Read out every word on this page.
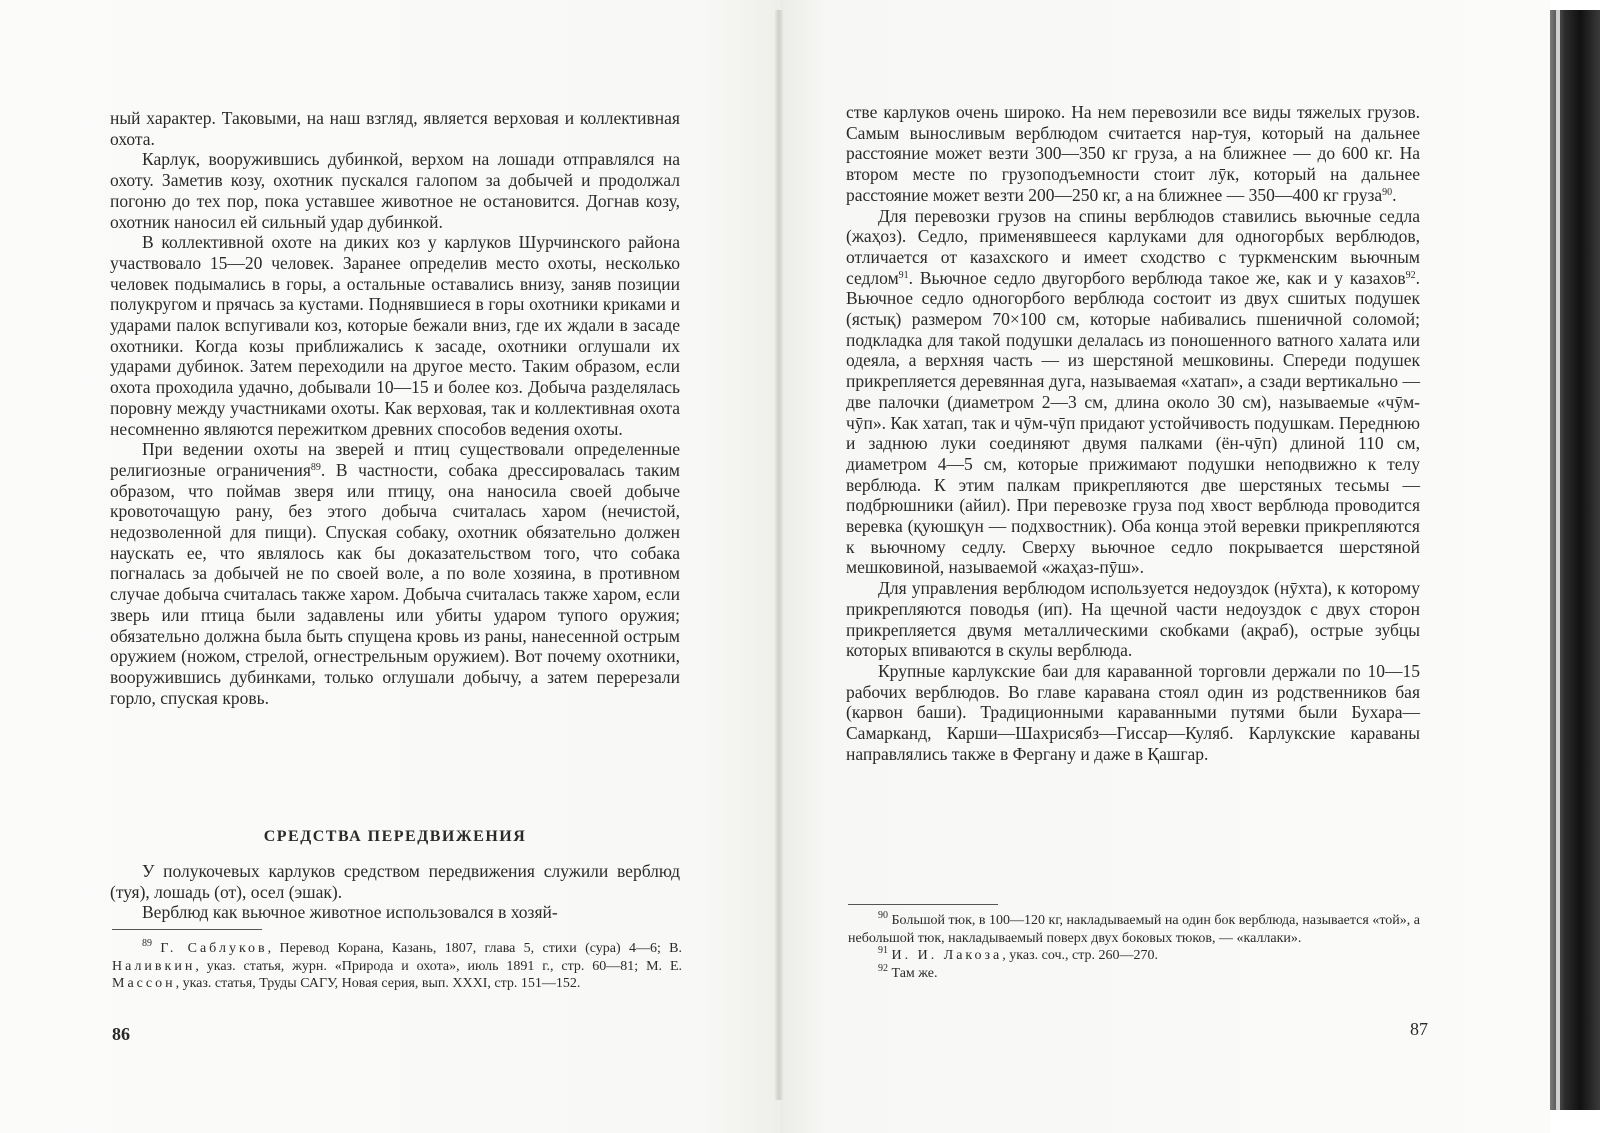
ный характер. Таковыми, на наш взгляд, является верховая и коллективная охота.

Карлук, вооружившись дубинкой, верхом на лошади отправлялся на охоту. Заметив козу, охотник пускался галопом за добычей и продолжал погоню до тех пор, пока уставшее животное не остановится. Догнав козу, охотник наносил ей сильный удар дубинкой.

В коллективной охоте на диких коз у карлуков Шурчинского района участвовало 15—20 человек. Заранее определив место охоты, несколько человек подымались в горы, а остальные оставались внизу, заняв позиции полукругом и прячась за кустами. Поднявшиеся в горы охотники криками и ударами палок вспугивали коз, которые бежали вниз, где их ждали в засаде охотники. Когда козы приближались к засаде, охотники оглушали их ударами дубинок. Затем переходили на другое место. Таким образом, если охота проходила удачно, добывали 10—15 и более коз. Добыча разделялась поровну между участниками охоты. Как верховая, так и коллективная охота несомненно являются пережитком древних способов ведения охоты.

При ведении охоты на зверей и птиц существовали определенные религиозные ограничения$^{89}$. В частности, собака дрессировалась таким образом, что поймав зверя или птицу, она наносила своей добыче кровоточащую рану, без этого добыча считалась харом (нечистой, недозволенной для пищи). Спуская собаку, охотник обязательно должен наускать ее, что являлось как бы доказательством того, что собака погналась за добычей не по своей воле, а по воле хозяина, в противном случае добыча считалась также харом. Добыча считалась также харом, если зверь или птица были задавлены или убиты ударом тупого оружия; обязательно должна была быть спущена кровь из раны, нанесенной острым оружием (ножом, стрелой, огнестрельным оружием). Вот почему охотники, вооружившись дубинками, только оглушали добычу, а затем перерезали горло, спуская кровь.

СРЕДСТВА ПЕРЕДВИЖЕНИЯ

У полукочевых карлуков средством передвижения служили верблюд (туя), лошадь (от), осел (эшак).

Верблюд как вьючное животное использовался в хозяй-

$^{89}$ Г. Саблуков, Перевод Корана, Казань, 1807, глава 5, стихи (сура) 4—6; В. Наливкин, указ. статья, журн. «Природа и охота», июль 1891 г., стр. 60—81; М. Е. Массон, указ. статья, Труды САГУ, Новая серия, вып. XXXI, стр. 151—152.

86

стве карлуков очень широко. На нем перевозили все виды тяжелых грузов. Самым выносливым верблюдом считается нар-туя, который на дальнее расстояние может везти 300—350 кг груза, а на ближнее — до 600 кг. На втором месте по грузоподъемности стоит лӯк, который на дальнее расстояние может везти 200—250 кг, а на ближнее — 350—400 кг груза$^{90}$.

Для перевозки грузов на спины верблюдов ставились вьючные седла (жаҳоз). Седло, применявшееся карлуками для одногорбых верблюдов, отличается от казахского и имеет сходство с туркменским вьючным седлом$^{91}$. Вьючное седло двугорбого верблюда такое же, как и у казахов$^{92}$. Вьючное седло одногорбого верблюда состоит из двух сшитых подушек (ястық) размером 70×100 см, которые набивались пшеничной соломой; подкладка для такой подушки делалась из поношенного ватного халата или одеяла, а верхняя часть — из шерстяной мешковины. Спереди подушек прикрепляется деревянная дуга, называемая «хатап», а сзади вертикально — две палочки (диаметром 2—3 см, длина около 30 см), называемые «чӯм-чӯп». Как хатап, так и чӯм-чӯп придают устойчивость подушкам. Переднюю и заднюю луки соединяют двумя палками (ён-чӯп) длиной 110 см, диаметром 4—5 см, которые прижимают подушки неподвижно к телу верблюда. К этим палкам прикрепляются две шерстяных тесьмы — подбрюшники (айил). При перевозке груза под хвост верблюда проводится веревка (қуюшқун — подхвостник). Оба конца этой веревки прикрепляются к вьючному седлу. Сверху вьючное седло покрывается шерстяной мешковиной, называемой «жаҳаз-пӯш».

Для управления верблюдом используется недоуздок (нӯхта), к которому прикрепляются поводья (ип). На щечной части недоуздок с двух сторон прикрепляется двумя металлическими скобками (ақраб), острые зубцы которых впиваются в скулы верблюда.

Крупные карлукские баи для караванной торговли держали по 10—15 рабочих верблюдов. Во главе каравана стоял один из родственников бая (карвон баши). Традиционными караванными путями были Бухара—Самарканд, Карши—Шахрисябз—Гиссар—Куляб. Карлукские караваны направлялись также в Фергану и даже в Қашгар.

$^{90}$ Большой тюк, в 100—120 кг, накладываемый на один бок верблюда, называется «той», а небольшой тюк, накладываемый поверх двух боковых тюков, — «каллаки».

$^{91}$ И. И. Лакоза, указ. соч., стр. 260—270.

$^{92}$ Там же.

87
